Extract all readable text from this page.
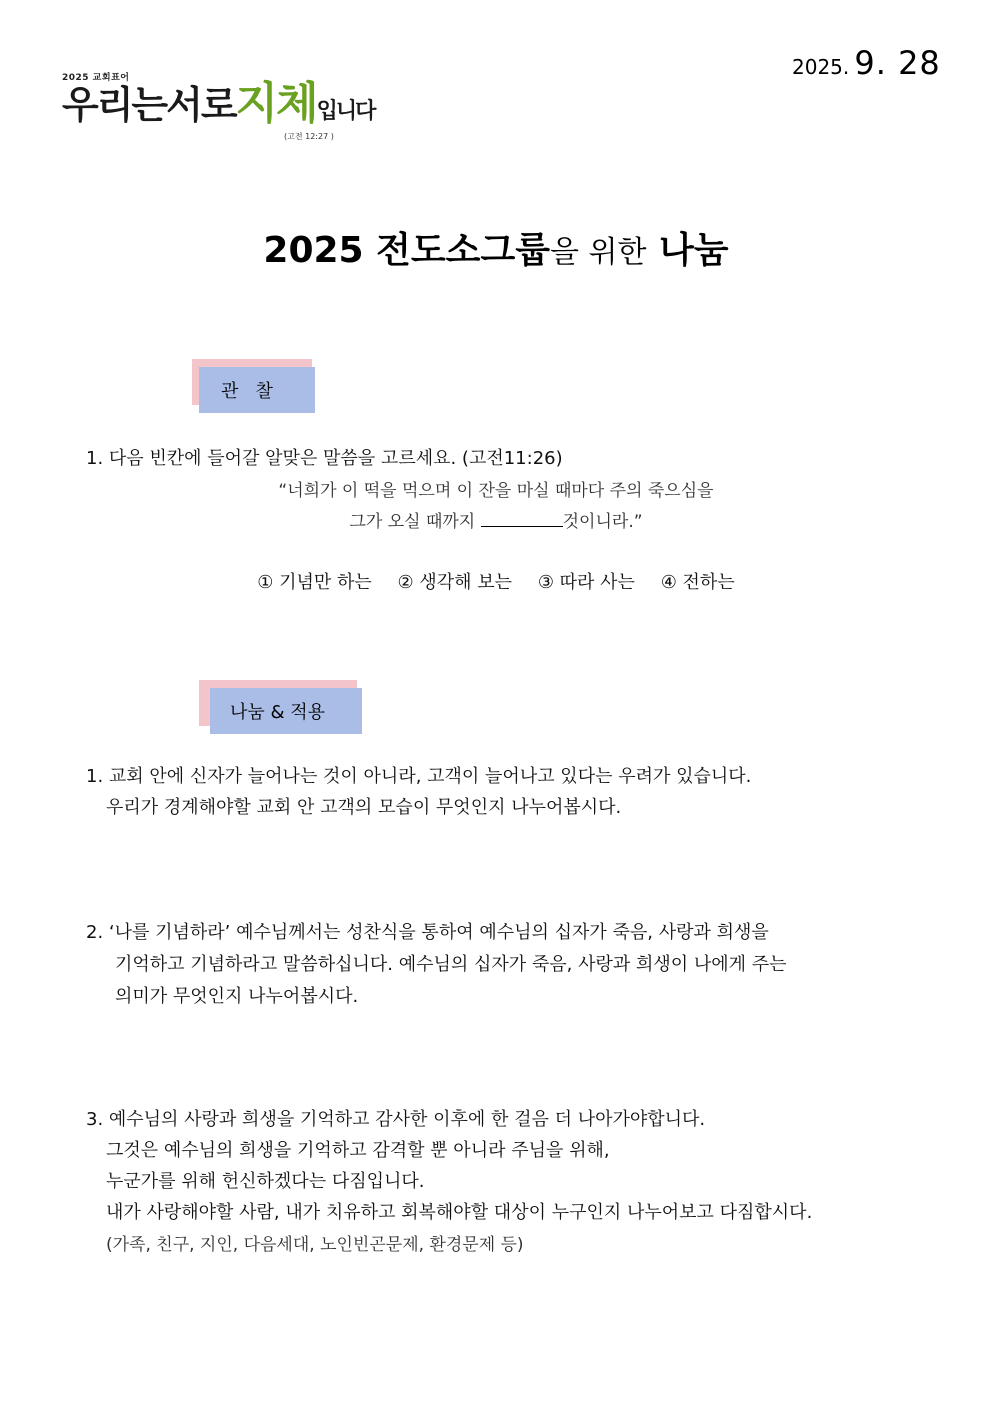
2025 교회표어
우리는서로지체입니다
(고전 12:27 )
2025. 9. 28
2025 전도소그룹을 위한 나눔
관   찰
1. 다음 빈칸에 들어갈 알맞은 말씀을 고르세요. (고전11:26)
“너희가 이 떡을 먹으며 이 잔을 마실 때마다 주의 죽으심을
그가 오실 때까지	것이니라.”
① 기념만 하는 ② 생각해 보는 ③ 따라 사는 ④ 전하는
나눔 & 적용
1. 교회 안에 신자가 늘어나는 것이 아니라, 고객이 늘어나고 있다는 우려가 있습니다.
우리가 경계해야할 교회 안 고객의 모습이 무엇인지 나누어봅시다.
2. ‘나를 기념하라’ 예수님께서는 성찬식을 통하여 예수님의 십자가 죽음, 사랑과 희생을
기억하고 기념하라고 말씀하십니다. 예수님의 십자가 죽음, 사랑과 희생이 나에게 주는
의미가 무엇인지 나누어봅시다.
3. 예수님의 사랑과 희생을 기억하고 감사한 이후에 한 걸음 더 나아가야합니다.
그것은 예수님의 희생을 기억하고 감격할 뿐 아니라 주님을 위해,
누군가를 위해 헌신하겠다는 다짐입니다.
내가 사랑해야할 사람, 내가 치유하고 회복해야할 대상이 누구인지 나누어보고 다짐합시다.
(가족, 친구, 지인, 다음세대, 노인빈곤문제, 환경문제 등)
